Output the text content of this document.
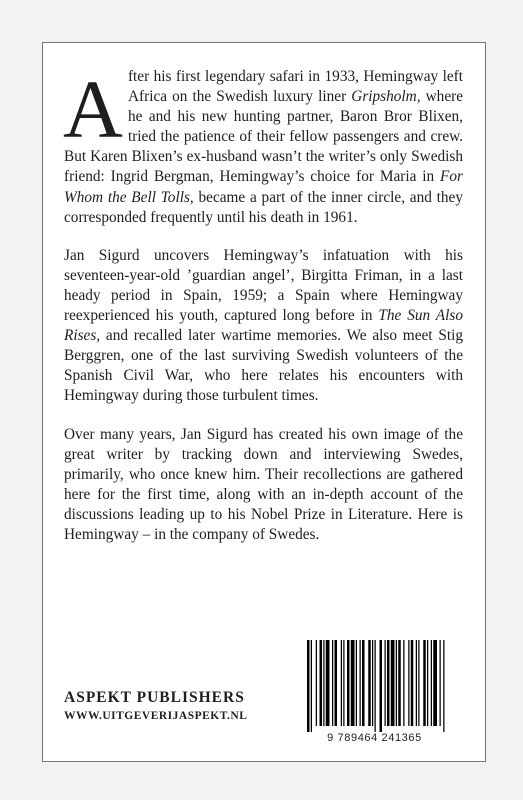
A fter his first legendary safari in 1933, Hemingway left Africa on the Swedish luxury liner Gripsholm, where he and his new hunting partner, Baron Bror Blixen, tried the patience of their fellow passengers and crew. But Karen Blixen’s ex-husband wasn’t the writer’s only Swedish friend: Ingrid Bergman, Hemingway’s choice for Maria in For Whom the Bell Tolls, became a part of the inner circle, and they corresponded frequently until his death in 1961.

Jan Sigurd uncovers Hemingway’s infatuation with his seventeen-year-old ’guardian angel’, Birgitta Friman, in a last heady period in Spain, 1959; a Spain where Hemingway reexperienced his youth, captured long before in The Sun Also Rises, and recalled later wartime memories. We also meet Stig Berggren, one of the last surviving Swedish volunteers of the Spanish Civil War, who here relates his encounters with Hemingway during those turbulent times.

Over many years, Jan Sigurd has created his own image of the great writer by tracking down and interviewing Swedes, primarily, who once knew him. Their recollections are gathered here for the first time, along with an in-depth account of the discussions leading up to his Nobel Prize in Literature. Here is Hemingway – in the company of Swedes.

ASPEKT PUBLISHERS
WWW.UITGEVERIJASPEKT.NL
9 789464 241365
